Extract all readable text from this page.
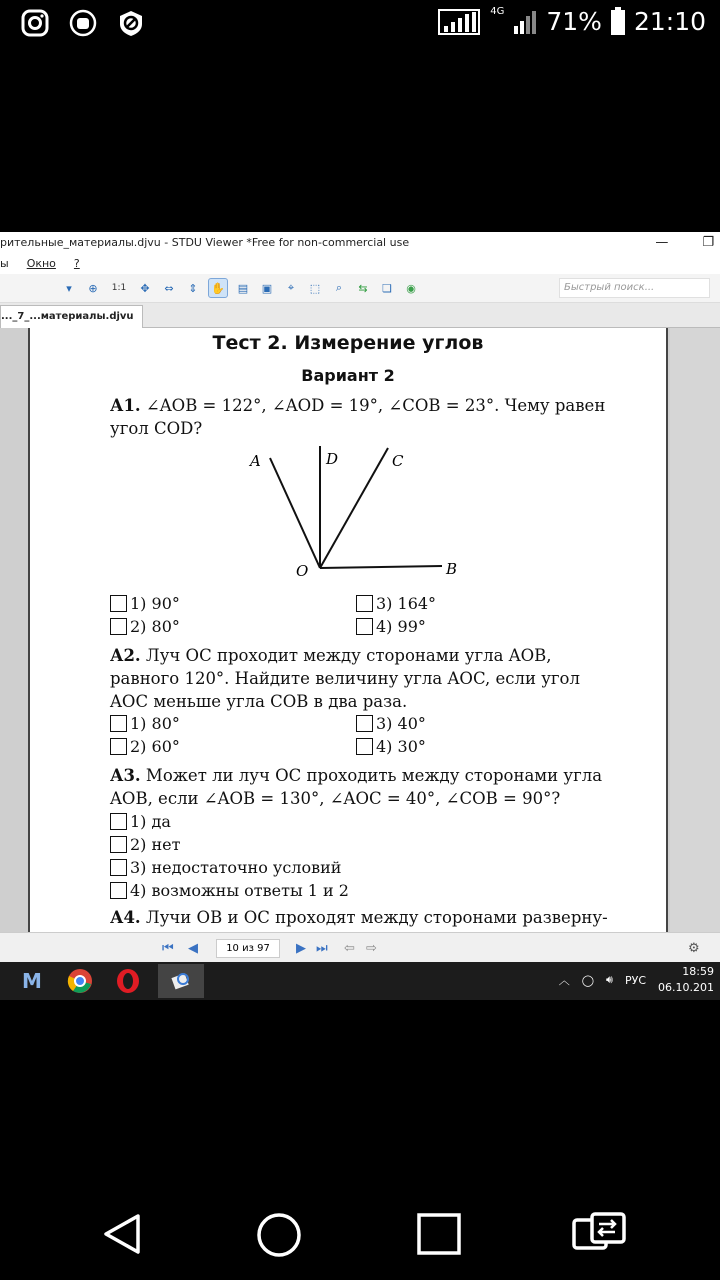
4G 71% 21:10
рительные_материалы.djvu - STDU Viewer *Free for non-commercial use	—	❐
ы Окно ?
▾	⊕	1:1	✥	⇔	⇕	✋	▤	▣	⌖	⬚	⌕	⇆	❏	◉	Быстрый поиск...
..._7_...материалы.djvu
Тест 2. Измерение углов
Вариант 2
А1. ∠AOB = 122°, ∠AOD = 19°, ∠COB = 23°. Чему равен угол COD?
A	D	C
O	B
1) 90°	3) 164°
2) 80°	4) 99°
А2. Луч OC проходит между сторонами угла AOB, равного 120°. Найдите величину угла AOC, если угол AOC меньше угла COB в два раза.
1) 80°	3) 40°
2) 60°	4) 30°
А3. Может ли луч OC проходить между сторонами угла AOB, если ∠AOB = 130°, ∠AOC = 40°, ∠COB = 90°?
1) да
2) нет
3) недостаточно условий
4) возможны ответы 1 и 2
А4. Лучи OB и OC проходят между сторонами разверну-
⏮ ◀	10 из 97	▶ ⏭ ⇦ ⇨	⚙
M	︿ ◯ 🔊︎ РУС
18:59
06.10.201
